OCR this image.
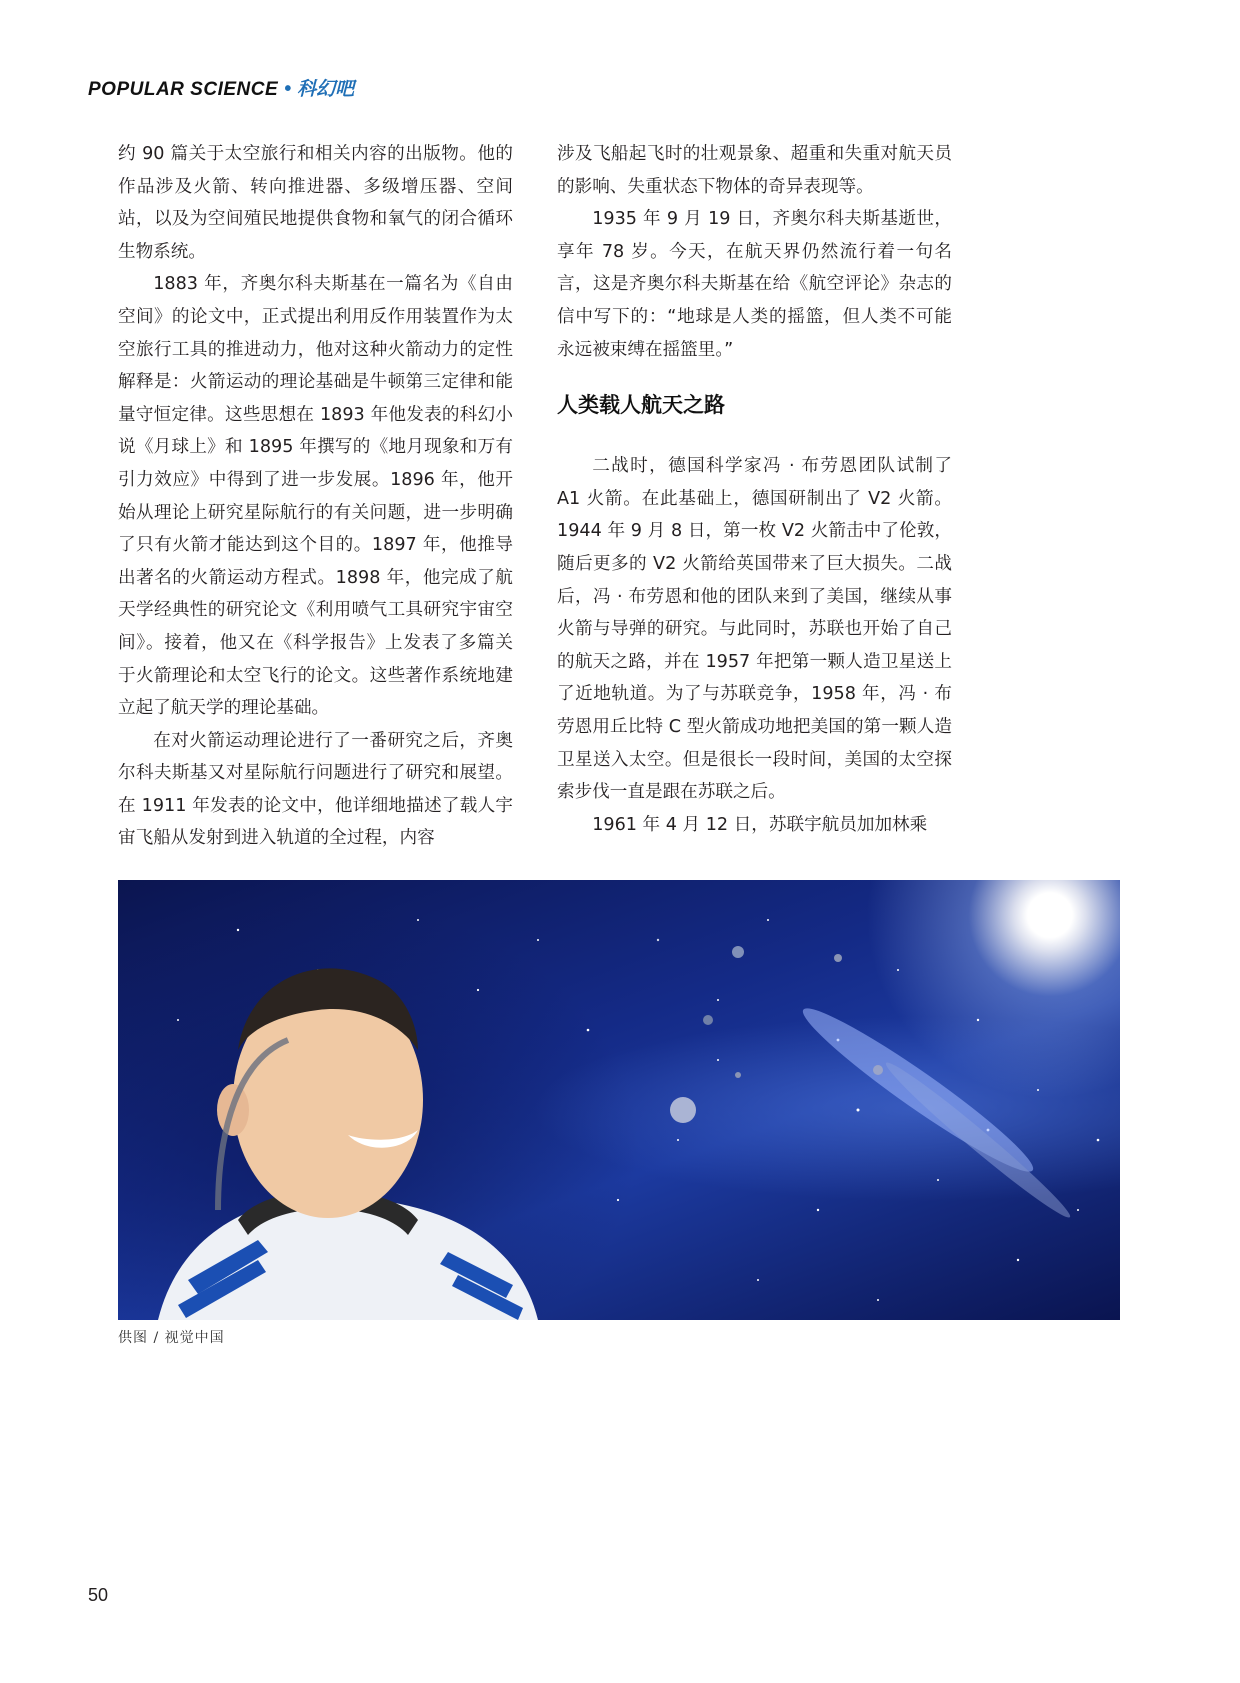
POPULAR SCIENCE • 科幻吧

约 90 篇关于太空旅行和相关内容的出版物。他的作品涉及火箭、转向推进器、多级增压器、空间站，以及为空间殖民地提供食物和氧气的闭合循环生物系统。

1883 年，齐奥尔科夫斯基在一篇名为《自由空间》的论文中，正式提出利用反作用装置作为太空旅行工具的推进动力，他对这种火箭动力的定性解释是：火箭运动的理论基础是牛顿第三定律和能量守恒定律。这些思想在 1893 年他发表的科幻小说《月球上》和 1895 年撰写的《地月现象和万有引力效应》中得到了进一步发展。1896 年，他开始从理论上研究星际航行的有关问题，进一步明确了只有火箭才能达到这个目的。1897 年，他推导出著名的火箭运动方程式。1898 年，他完成了航天学经典性的研究论文《利用喷气工具研究宇宙空间》。接着，他又在《科学报告》上发表了多篇关于火箭理论和太空飞行的论文。这些著作系统地建立起了航天学的理论基础。

在对火箭运动理论进行了一番研究之后，齐奥尔科夫斯基又对星际航行问题进行了研究和展望。在 1911 年发表的论文中，他详细地描述了载人宇宙飞船从发射到进入轨道的全过程，内容

涉及飞船起飞时的壮观景象、超重和失重对航天员的影响、失重状态下物体的奇异表现等。

1935 年 9 月 19 日，齐奥尔科夫斯基逝世，享年 78 岁。今天，在航天界仍然流行着一句名言，这是齐奥尔科夫斯基在给《航空评论》杂志的信中写下的：“地球是人类的摇篮，但人类不可能永远被束缚在摇篮里。”

人类载人航天之路

二战时，德国科学家冯 · 布劳恩团队试制了 A1 火箭。在此基础上，德国研制出了 V2 火箭。1944 年 9 月 8 日，第一枚 V2 火箭击中了伦敦，随后更多的 V2 火箭给英国带来了巨大损失。二战后，冯 · 布劳恩和他的团队来到了美国，继续从事火箭与导弹的研究。与此同时，苏联也开始了自己的航天之路，并在 1957 年把第一颗人造卫星送上了近地轨道。为了与苏联竞争，1958 年，冯 · 布劳恩用丘比特 C 型火箭成功地把美国的第一颗人造卫星送入太空。但是很长一段时间，美国的太空探索步伐一直是跟在苏联之后。

1961 年 4 月 12 日，苏联宇航员加加林乘

供图 / 视觉中国
50
